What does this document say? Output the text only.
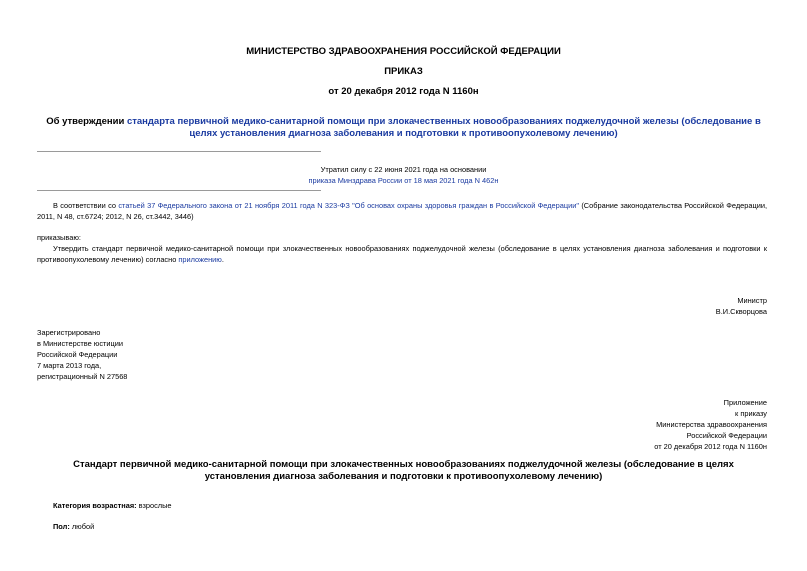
МИНИСТЕРСТВО ЗДРАВООХРАНЕНИЯ РОССИЙСКОЙ ФЕДЕРАЦИИ
ПРИКАЗ
от 20 декабря 2012 года N 1160н
Об утверждении стандарта первичной медико-санитарной помощи при злокачественных новообразованиях поджелудочной железы (обследование в целях установления диагноза заболевания и подготовки к противоопухолевому лечению)
Утратил силу с 22 июня 2021 года на основании
приказа Минздрава России от 18 мая 2021 года N 462н
В соответствии со статьей 37 Федерального закона от 21 ноября 2011 года N 323-ФЗ "Об основах охраны здоровья граждан в Российской Федерации" (Собрание законодательства Российской Федерации, 2011, N 48, ст.6724; 2012, N 26, ст.3442, 3446)
приказываю:
Утвердить стандарт первичной медико-санитарной помощи при злокачественных новообразованиях поджелудочной железы (обследование в целях установления диагноза заболевания и подготовки к противоопухолевому лечению) согласно приложению.
Министр
В.И.Скворцова

Зарегистрировано

в Министерстве юстиции

Российской Федерации

7 марта 2013 года,

регистрационный N 27568

Приложение

к приказу

Министерства здравоохранения

Российской Федерации

от 20 декабря 2012 года N 1160н

Стандарт первичной медико-санитарной помощи при злокачественных новообразованиях поджелудочной железы (обследование в целях установления диагноза заболевания и подготовки к противоопухолевому лечению)
Категория возрастная: взрослые
Пол: любой
